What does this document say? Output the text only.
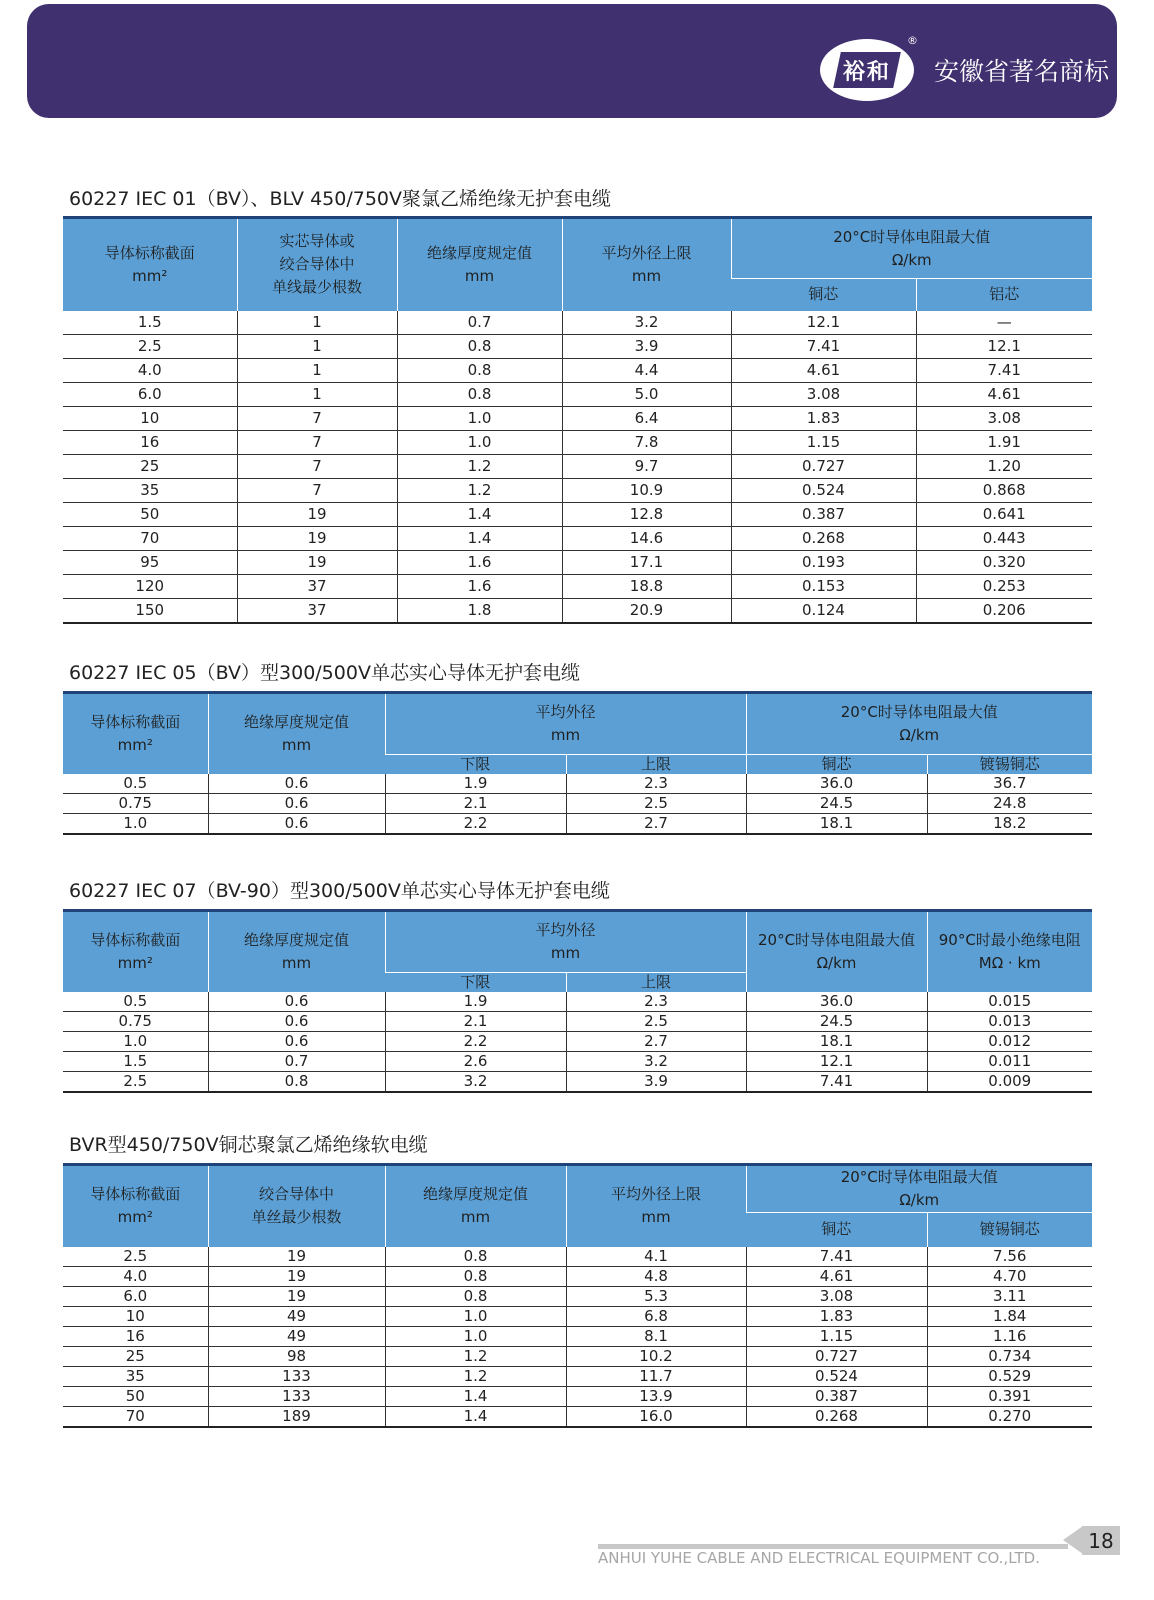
裕和
®
安徽省著名商标
60227 IEC 01（BV）、BLV 450/750V聚氯乙烯绝缘无护套电缆
导体标称截面
mm²	实芯导体或
绞合导体中
单线最少根数	绝缘厚度规定值
mm	平均外径上限
mm	20°C时导体电阻最大值
Ω/km	
				铜芯	铝芯
1.5	1	0.7	3.2	12.1	—
2.5	1	0.8	3.9	7.41	12.1
4.0	1	0.8	4.4	4.61	7.41
6.0	1	0.8	5.0	3.08	4.61
10	7	1.0	6.4	1.83	3.08
16	7	1.0	7.8	1.15	1.91
25	7	1.2	9.7	0.727	1.20
35	7	1.2	10.9	0.524	0.868
50	19	1.4	12.8	0.387	0.641
70	19	1.4	14.6	0.268	0.443
95	19	1.6	17.1	0.193	0.320
120	37	1.6	18.8	0.153	0.253
150	37	1.8	20.9	0.124	0.206
60227 IEC 05（BV）型300/500V单芯实心导体无护套电缆
导体标称截面
mm²	绝缘厚度规定值
mm	平均外径
mm		20°C时导体电阻最大值
Ω/km	
		下限	上限	铜芯	镀锡铜芯
0.5	0.6	1.9	2.3	36.0	36.7
0.75	0.6	2.1	2.5	24.5	24.8
1.0	0.6	2.2	2.7	18.1	18.2
60227 IEC 07（BV-90）型300/500V单芯实心导体无护套电缆
导体标称截面
mm²	绝缘厚度规定值
mm	平均外径
mm		20°C时导体电阻最大值
Ω/km	90°C时最小绝缘电阻
MΩ · km
		下限	上限		
0.5	0.6	1.9	2.3	36.0	0.015
0.75	0.6	2.1	2.5	24.5	0.013
1.0	0.6	2.2	2.7	18.1	0.012
1.5	0.7	2.6	3.2	12.1	0.011
2.5	0.8	3.2	3.9	7.41	0.009
BVR型450/750V铜芯聚氯乙烯绝缘软电缆
导体标称截面
mm²	绞合导体中
单丝最少根数	绝缘厚度规定值
mm	平均外径上限
mm	20°C时导体电阻最大值
Ω/km	
				铜芯	镀锡铜芯
2.5	19	0.8	4.1	7.41	7.56
4.0	19	0.8	4.8	4.61	4.70
6.0	19	0.8	5.3	3.08	3.11
10	49	1.0	6.8	1.83	1.84
16	49	1.0	8.1	1.15	1.16
25	98	1.2	10.2	0.727	0.734
35	133	1.2	11.7	0.524	0.529
50	133	1.4	13.9	0.387	0.391
70	189	1.4	16.0	0.268	0.270
ANHUI YUHE CABLE AND ELECTRICAL EQUIPMENT CO.,LTD.
18
